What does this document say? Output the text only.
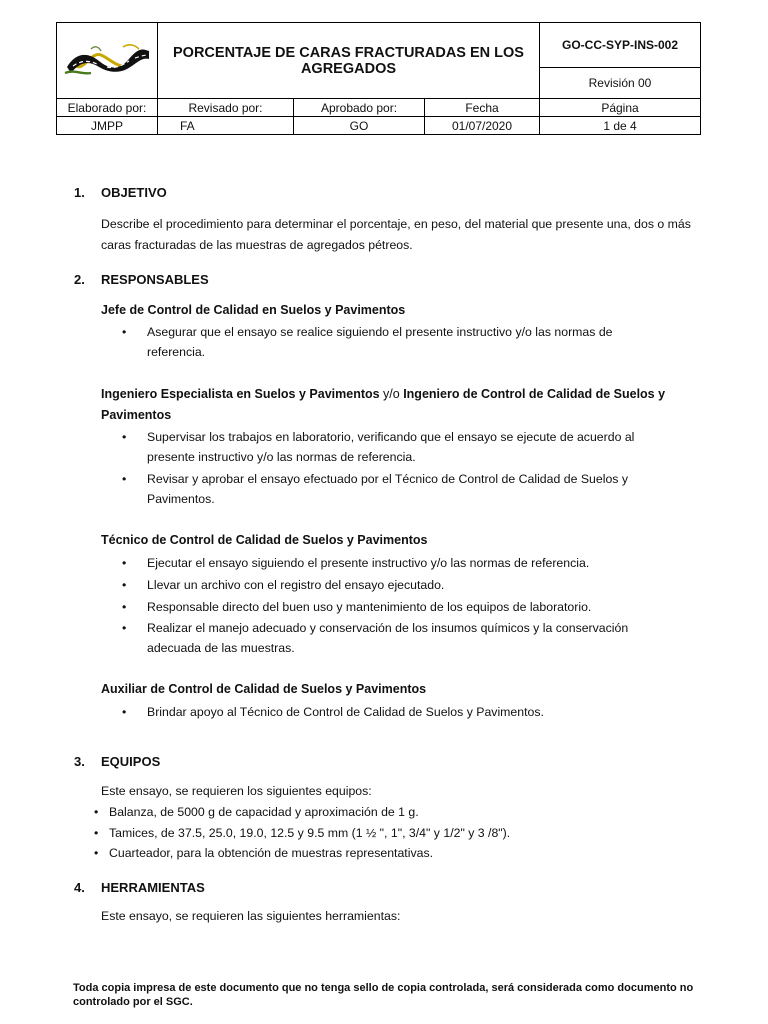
	PORCENTAJE DE CARAS FRACTURADAS EN LOS AGREGADOS			GO-CC-SYP-INS-002
				Revisión 00
Elaborado por:	Revisado por:	Aprobado por:	Fecha	Página
JMPP	FA	GO	01/07/2020	1 de 4
1. OBJETIVO
Describe el procedimiento para determinar el porcentaje, en peso, del material que presente una, dos o más caras fracturadas de las muestras de agregados pétreos.
2. RESPONSABLES
Jefe de Control de Calidad en Suelos y Pavimentos
• Asegurar que el ensayo se realice siguiendo el presente instructivo y/o las normas de referencia.
Ingeniero Especialista en Suelos y Pavimentos y/o Ingeniero de Control de Calidad de Suelos y Pavimentos
• Supervisar los trabajos en laboratorio, verificando que el ensayo se ejecute de acuerdo al presente instructivo y/o las normas de referencia.
• Revisar y aprobar el ensayo efectuado por el Técnico de Control de Calidad de Suelos y Pavimentos.
Técnico de Control de Calidad de Suelos y Pavimentos
• Ejecutar el ensayo siguiendo el presente instructivo y/o las normas de referencia.
• Llevar un archivo con el registro del ensayo ejecutado.
• Responsable directo del buen uso y mantenimiento de los equipos de laboratorio.
• Realizar el manejo adecuado y conservación de los insumos químicos y la conservación adecuada de las muestras.
Auxiliar de Control de Calidad de Suelos y Pavimentos
• Brindar apoyo al Técnico de Control de Calidad de Suelos y Pavimentos.
3. EQUIPOS
Este ensayo, se requieren los siguientes equipos:
• Balanza, de 5000 g de capacidad y aproximación de 1 g.
• Tamices, de 37.5, 25.0, 19.0, 12.5 y 9.5 mm (1 ½ ", 1", 3/4" y 1/2" y 3 /8").
• Cuarteador, para la obtención de muestras representativas.
4. HERRAMIENTAS
Este ensayo, se requieren las siguientes herramientas:
Toda copia impresa de este documento que no tenga sello de copia controlada, será considerada como documento no controlado por el SGC.
